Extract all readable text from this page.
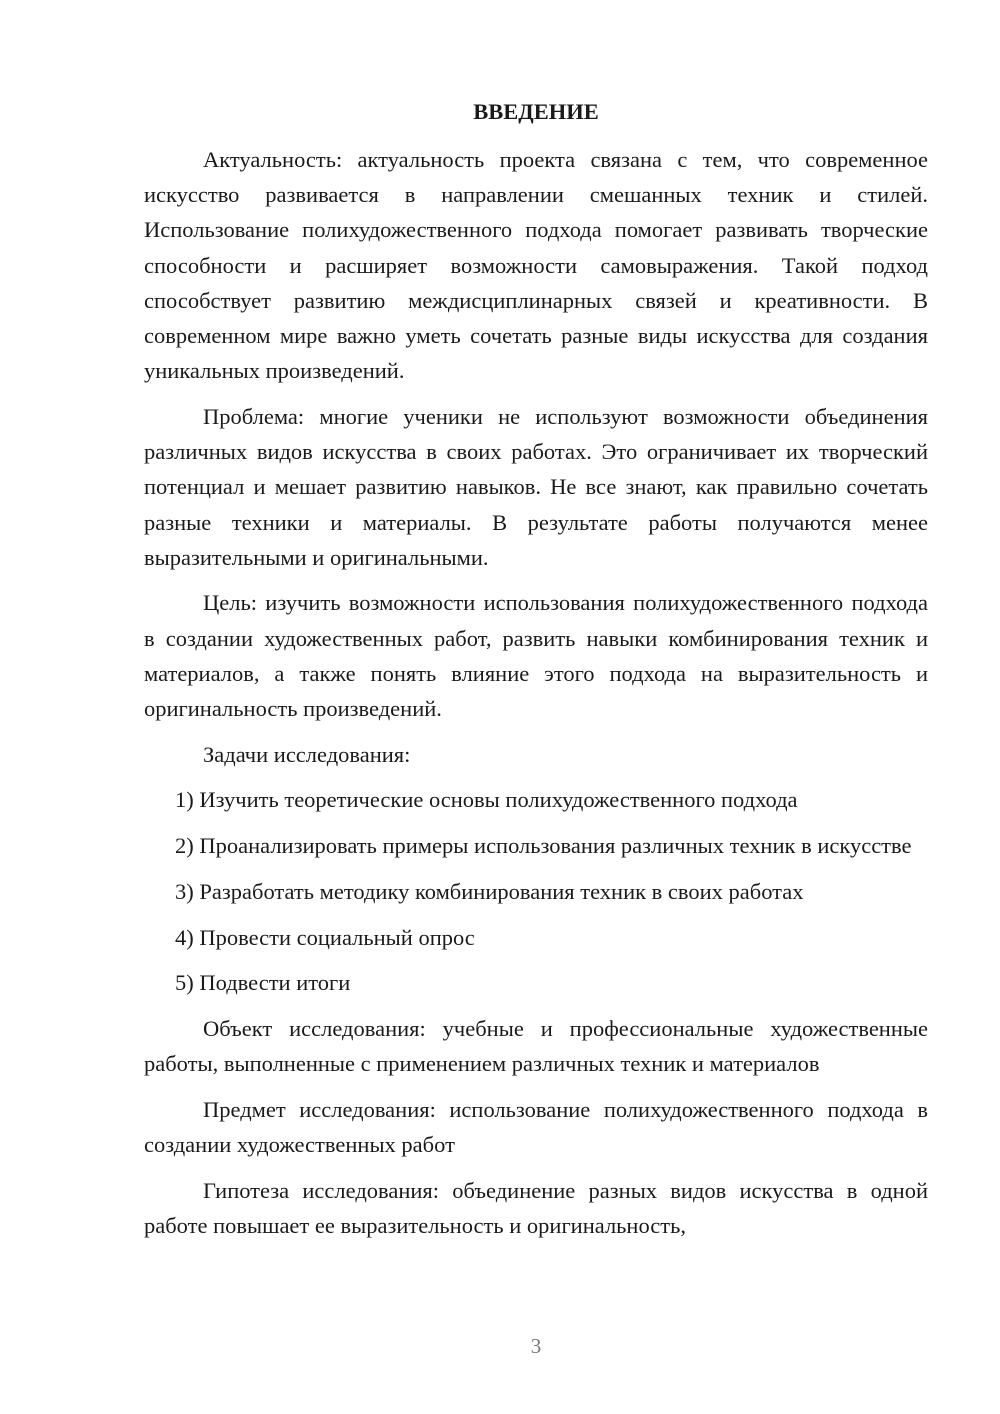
ВВЕДЕНИЕ

Актуальность: актуальность проекта связана с тем, что современное искусство развивается в направлении смешанных техник и стилей. Использование полихудожественного подхода помогает развивать творческие способности и расширяет возможности самовыражения. Такой подход способствует развитию междисциплинарных связей и креативности. В современном мире важно уметь сочетать разные виды искусства для создания уникальных произведений.

Проблема: многие ученики не используют возможности объединения различных видов искусства в своих работах. Это ограничивает их творческий потенциал и мешает развитию навыков. Не все знают, как правильно сочетать разные техники и материалы. В результате работы получаются менее выразительными и оригинальными.

Цель: изучить возможности использования полихудожественного подхода в создании художественных работ, развить навыки комбинирования техник и материалов, а также понять влияние этого подхода на выразительность и оригинальность произведений.

Задачи исследования:

1) Изучить теоретические основы полихудожественного подхода

2) Проанализировать примеры использования различных техник в искусстве

3) Разработать методику комбинирования техник в своих работах

4) Провести социальный опрос

5) Подвести итоги

Объект исследования: учебные и профессиональные художественные работы, выполненные с применением различных техник и материалов

Предмет исследования: использование полихудожественного подхода в создании художественных работ

Гипотеза исследования: объединение разных видов искусства в одной работе повышает ее выразительность и оригинальность,

3
